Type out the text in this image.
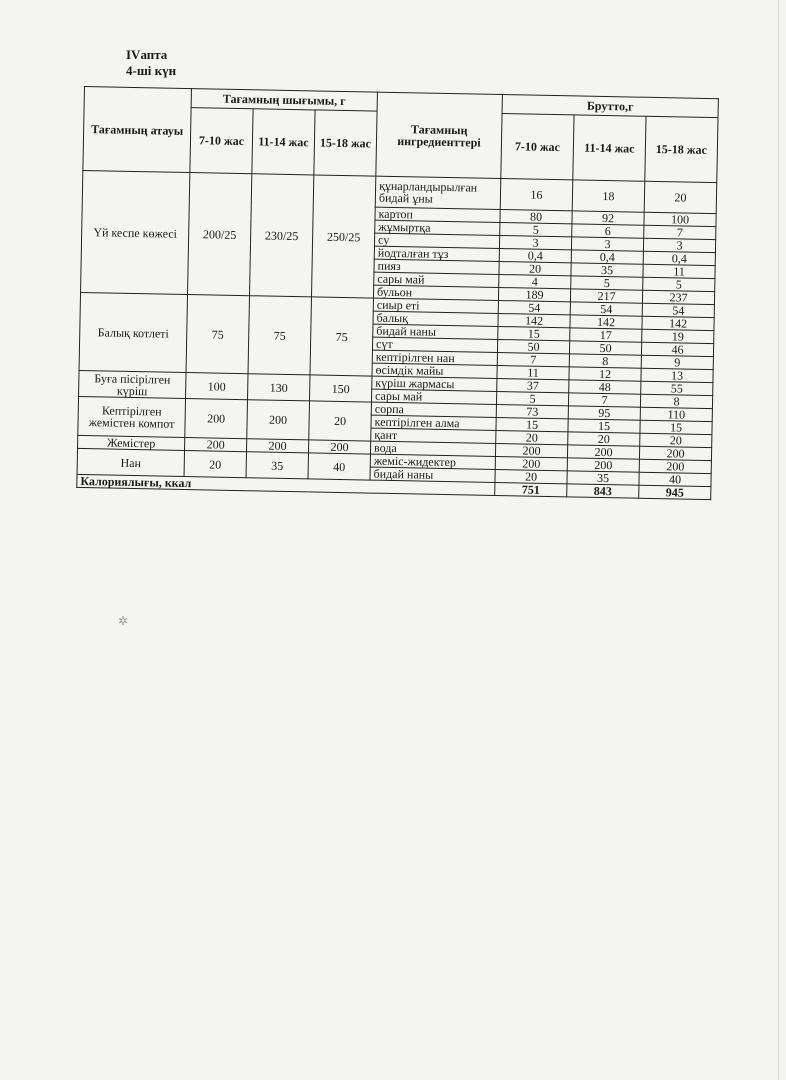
IVапта
4-ші күн
Тағамның атауы	Тағамның шығымы, г			Тағамның ингредиенттері	Брутто,г		
	7-10 жас	11-14 жас	15-18 жас		7-10 жас	11-14 жас	15-18 жас
Үй кеспе көжесі	200/25	230/25	250/25	құнарландырылған бидай ұны	16	18	20
				картоп	80	92	100
				жұмыртқа	5	6	7
				су	3	3	3
				йодталған тұз	0,4	0,4	0,4
				пияз	20	35	11
				сары май	4	5	5
				бульон	189	217	237
Балық котлеті	75	75	75	сиыр еті	54	54	54
				балық	142	142	142
				бидай наны	15	17	19
				сүт	50	50	46
				кептірілген нан	7	8	9
				өсімдік майы	11	12	13
Буға пісірілген күріш	100	130	150	күріш жармасы	37	48	55
				сары май	5	7	8
Кептірілген жемістен компот	200	200	20	сорпа	73	95	110
				кептірілген алма	15	15	15
				қант	20	20	20
Жемістер	200	200	200	вода	200	200	200
Нан	20	35	40	жеміс-жидектер	200	200	200
				бидай наны	20	35	40
Калориялығы, ккал					751	843	945
✲
